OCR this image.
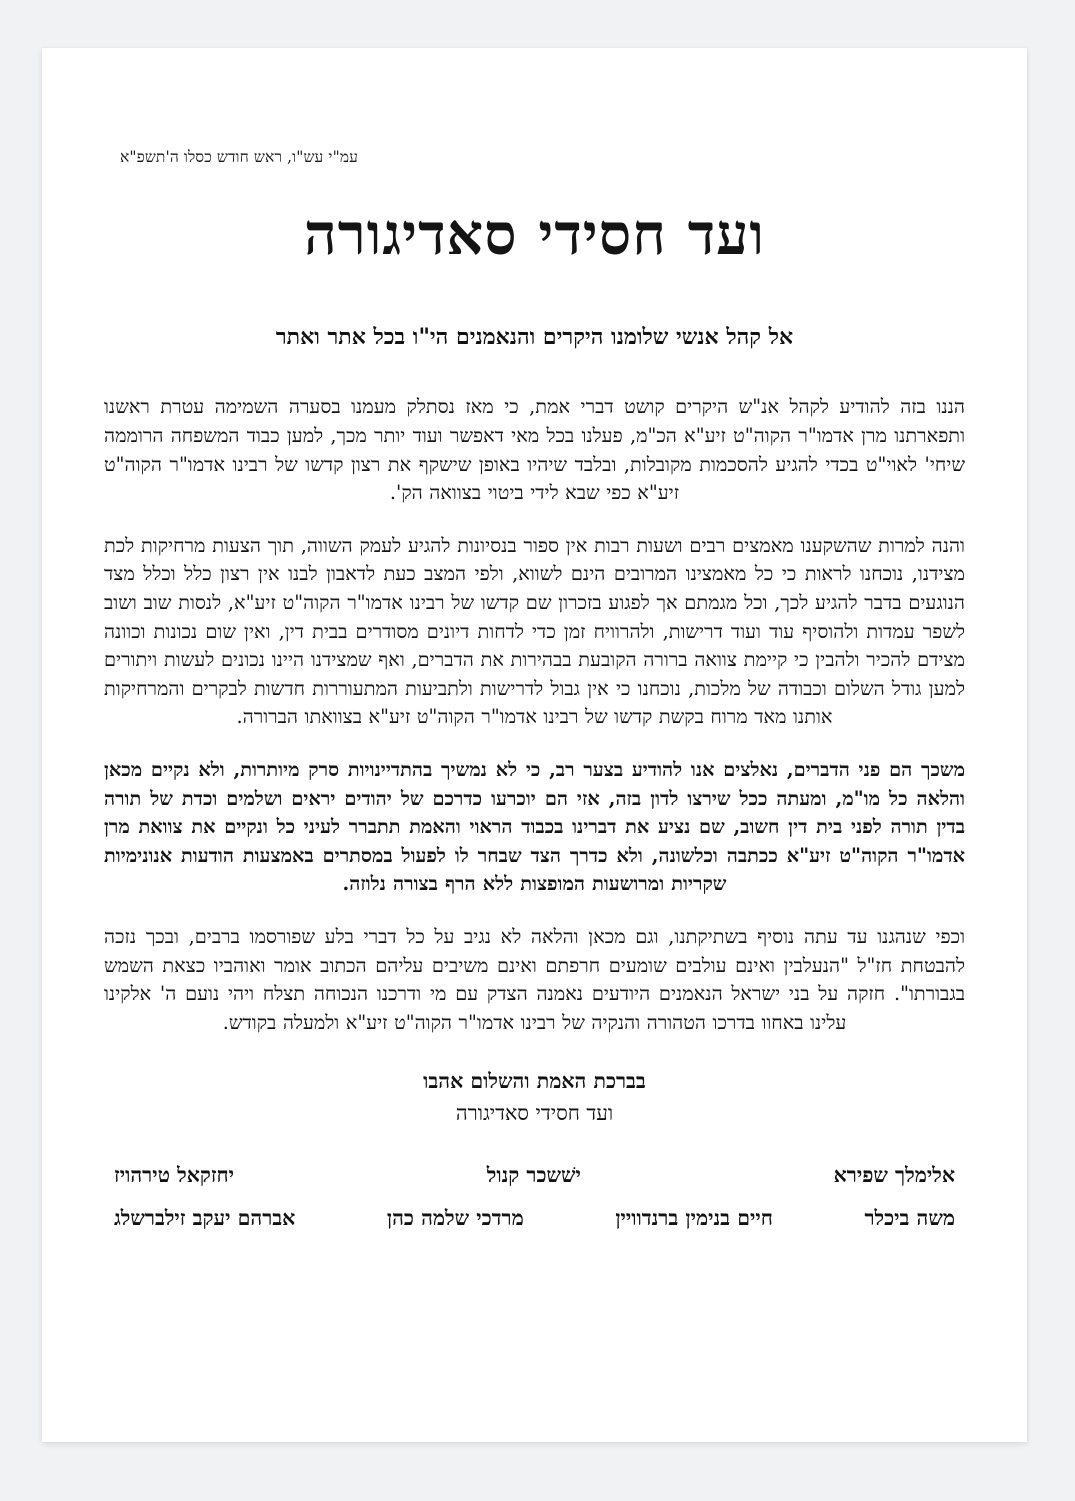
עמ"י עש"ו, ראש חודש כסלו ה'תשפ"א
ועד חסידי סאדיגורה
אל קהל אנשי שלומנו היקרים והנאמנים הי"ו בכל אתר ואתר

הננו בזה להודיע לקהל אנ"ש היקרים קושט דברי אמת, כי מאז נסתלק מעמנו בסערה השמימה עטרת ראשנו ותפארתנו מרן אדמו"ר הקוה"ט זיע"א הכ"מ, פעלנו בכל מאי דאפשר ועוד יותר מכך, למען כבוד המשפחה הרוממה שיחי' לאוי"ט בכדי להגיע להסכמות מקובלות, ובלבד שיהיו באופן שישקף את רצון קדשו של רבינו אדמו"ר הקוה"ט זיע"א כפי שבא לידי ביטוי בצוואה הק'.

והנה למרות שהשקענו מאמצים רבים ושעות רבות אין ספור בנסיונות להגיע לעמק השווה, תוך הצעות מרחיקות לכת מצידנו, נוכחנו לראות כי כל מאמצינו המרובים הינם לשווא, ולפי המצב כעת לדאבון לבנו אין רצון כלל וכלל מצד הנוגעים בדבר להגיע לכך, וכל מגמתם אך לפגוע בזכרון שם קדשו של רבינו אדמו"ר הקוה"ט זיע"א, לנסות שוב ושוב לשפר עמדות ולהוסיף עוד ועוד דרישות, ולהרוויח זמן כדי לדחות דיונים מסודרים בבית דין, ואין שום נכונות וכוונה מצידם להכיר ולהבין כי קיימת צוואה ברורה הקובעת בבהירות את הדברים, ואף שמצידנו היינו נכונים לעשות ויתורים למען גודל השלום וכבודה של מלכות, נוכחנו כי אין גבול לדרישות ולתביעות המתעוררות חדשות לבקרים והמרחיקות אותנו מאד מרוח בקשת קדשו של רבינו אדמו"ר הקוה"ט זיע"א בצוואתו הברורה.

משכך הם פני הדברים, נאלצים אנו להודיע בצער רב, כי לא נמשיך בהתדיינויות סרק מיותרות, ולא נקיים מכאן והלאה כל מו"מ, ומעתה ככל שירצו לדון בזה, אזי הם יוכרעו כדרכם של יהודים יראים ושלמים וכדת של תורה בדין תורה לפני בית דין חשוב, שם נציע את דברינו בכבוד הראוי והאמת תתברר לעיני כל ונקיים את צוואת מרן אדמו"ר הקוה"ט זיע"א ככתבה וכלשונה, ולא כדרך הצד שבחר לו לפעול במסתרים באמצעות הודעות אנונימיות שקריות ומרושעות המופצות ללא הרף בצורה נלוזה.

וכפי שנהגנו עד עתה נוסיף בשתיקתנו, וגם מכאן והלאה לא נגיב על כל דברי בלע שפורסמו ברבים, ובכך נזכה להבטחת חז"ל "הנעלבין ואינם עולבים שומעים חרפתם ואינם משיבים עליהם הכתוב אומר ואוהביו כצאת השמש בגבורתו". חזקה על בני ישראל הנאמנים היודעים נאמנה הצדק עם מי ודרכנו הנכוחה תצלח ויהי נועם ה' אלקינו עלינו באחוו בדרכו הטהורה והנקיה של רבינו אדמו"ר הקוה"ט זיע"א ולמעלה בקודש.

בברכת האמת והשלום אהבו
ועד חסידי סאדיגורה
אלימלך שפירא
ישׁשכר קנול
יחזקאל טירהויז
משה ביכלר
חיים בנימין ברנדוויין
מרדכי שלמה כהן
אברהם יעקב זילברשלג
